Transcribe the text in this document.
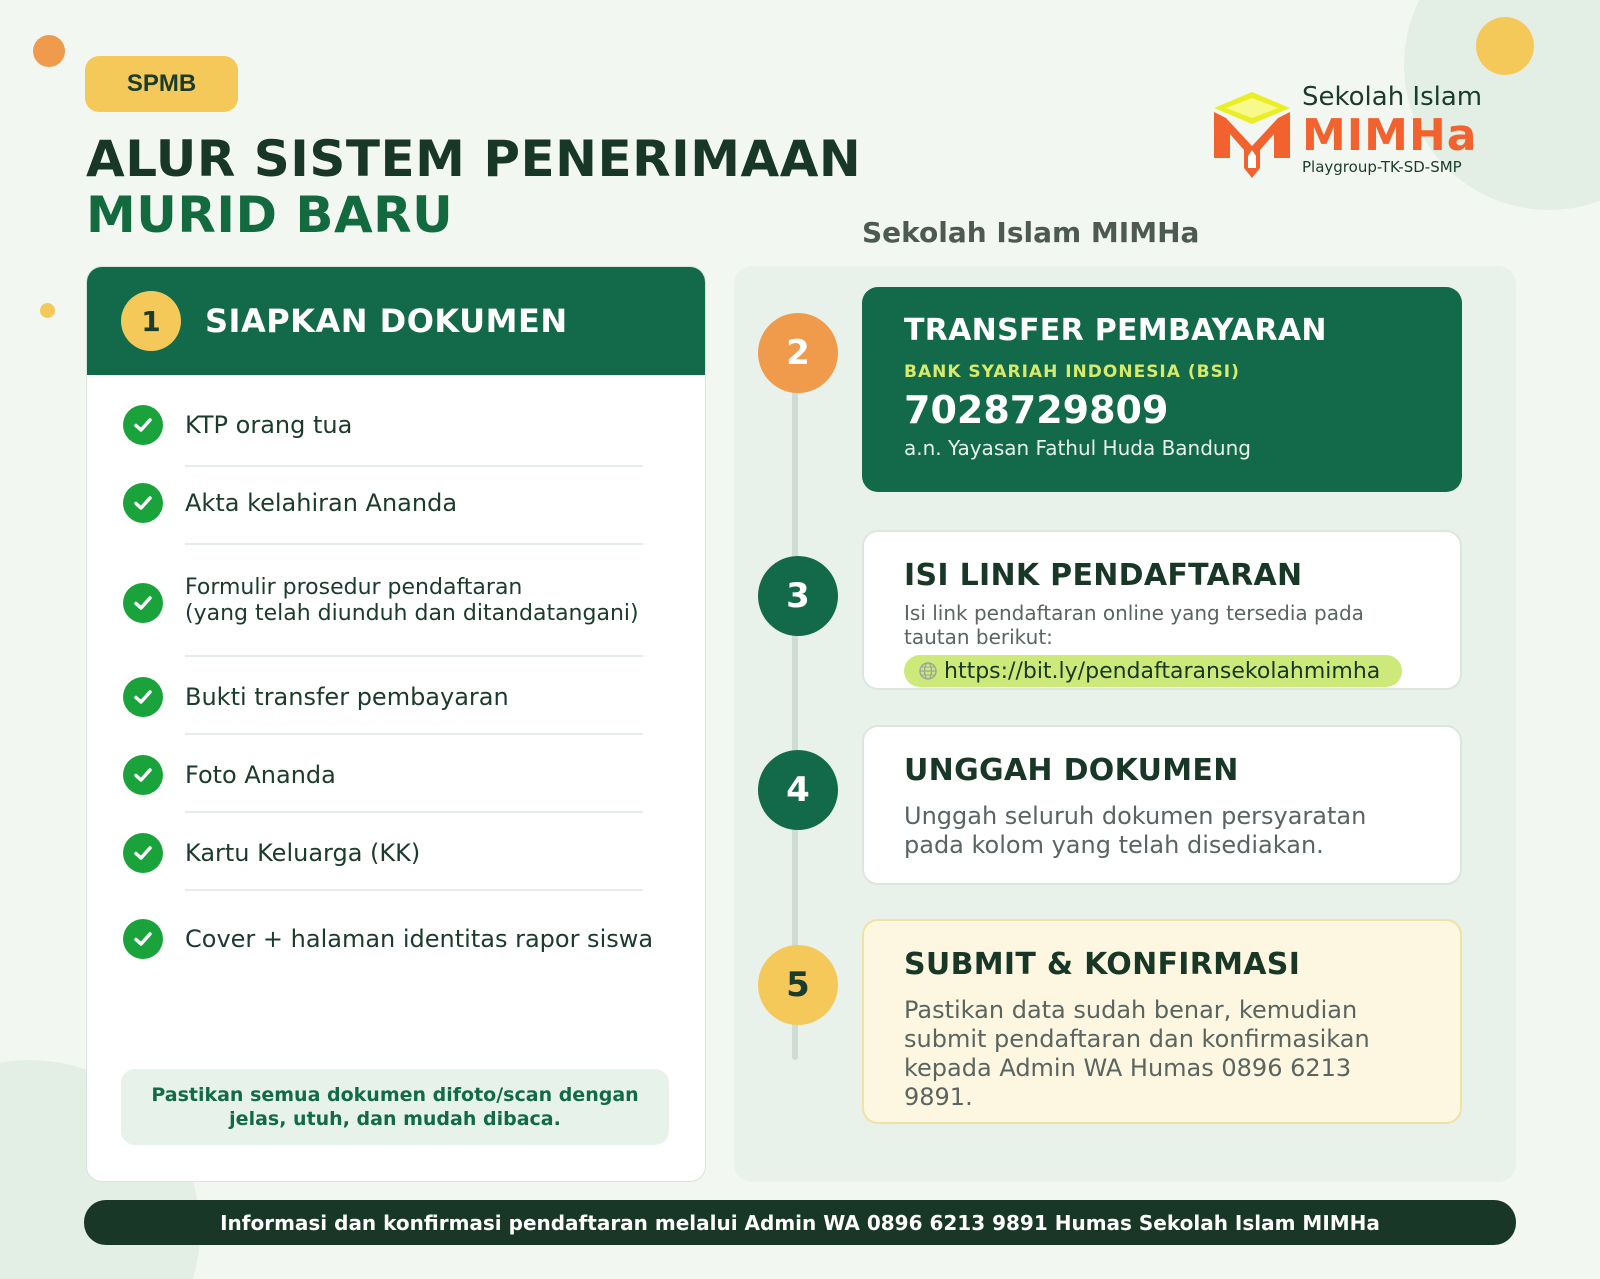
SPMB
ALUR SISTEM PENERIMAAN
MURID BARU
Sekolah Islam
MIMHa
Playgroup-TK-SD-SMP
Sekolah Islam MIMHa
1	SIAPKAN DOKUMEN
KTP orang tua
Akta kelahiran Ananda
Formulir prosedur pendaftaran
(yang telah diunduh dan ditandatangani)
Bukti transfer pembayaran
Foto Ananda
Kartu Keluarga (KK)
Cover + halaman identitas rapor siswa
Pastikan semua dokumen difoto/scan dengan jelas, utuh, dan mudah dibaca.
2
3
4
5
TRANSFER PEMBAYARAN
BANK SYARIAH INDONESIA (BSI)
7028729809
a.n. Yayasan Fathul Huda Bandung
ISI LINK PENDAFTARAN
Isi link pendaftaran online yang tersedia pada tautan berikut:
https://bit.ly/pendaftaransekolahmimha
UNGGAH DOKUMEN
Unggah seluruh dokumen persyaratan pada kolom yang telah disediakan.
SUBMIT & KONFIRMASI
Pastikan data sudah benar, kemudian submit pendaftaran dan konfirmasikan kepada Admin WA Humas 0896 6213 9891.
Informasi dan konfirmasi pendaftaran melalui Admin WA 0896 6213 9891 Humas Sekolah Islam MIMHa
